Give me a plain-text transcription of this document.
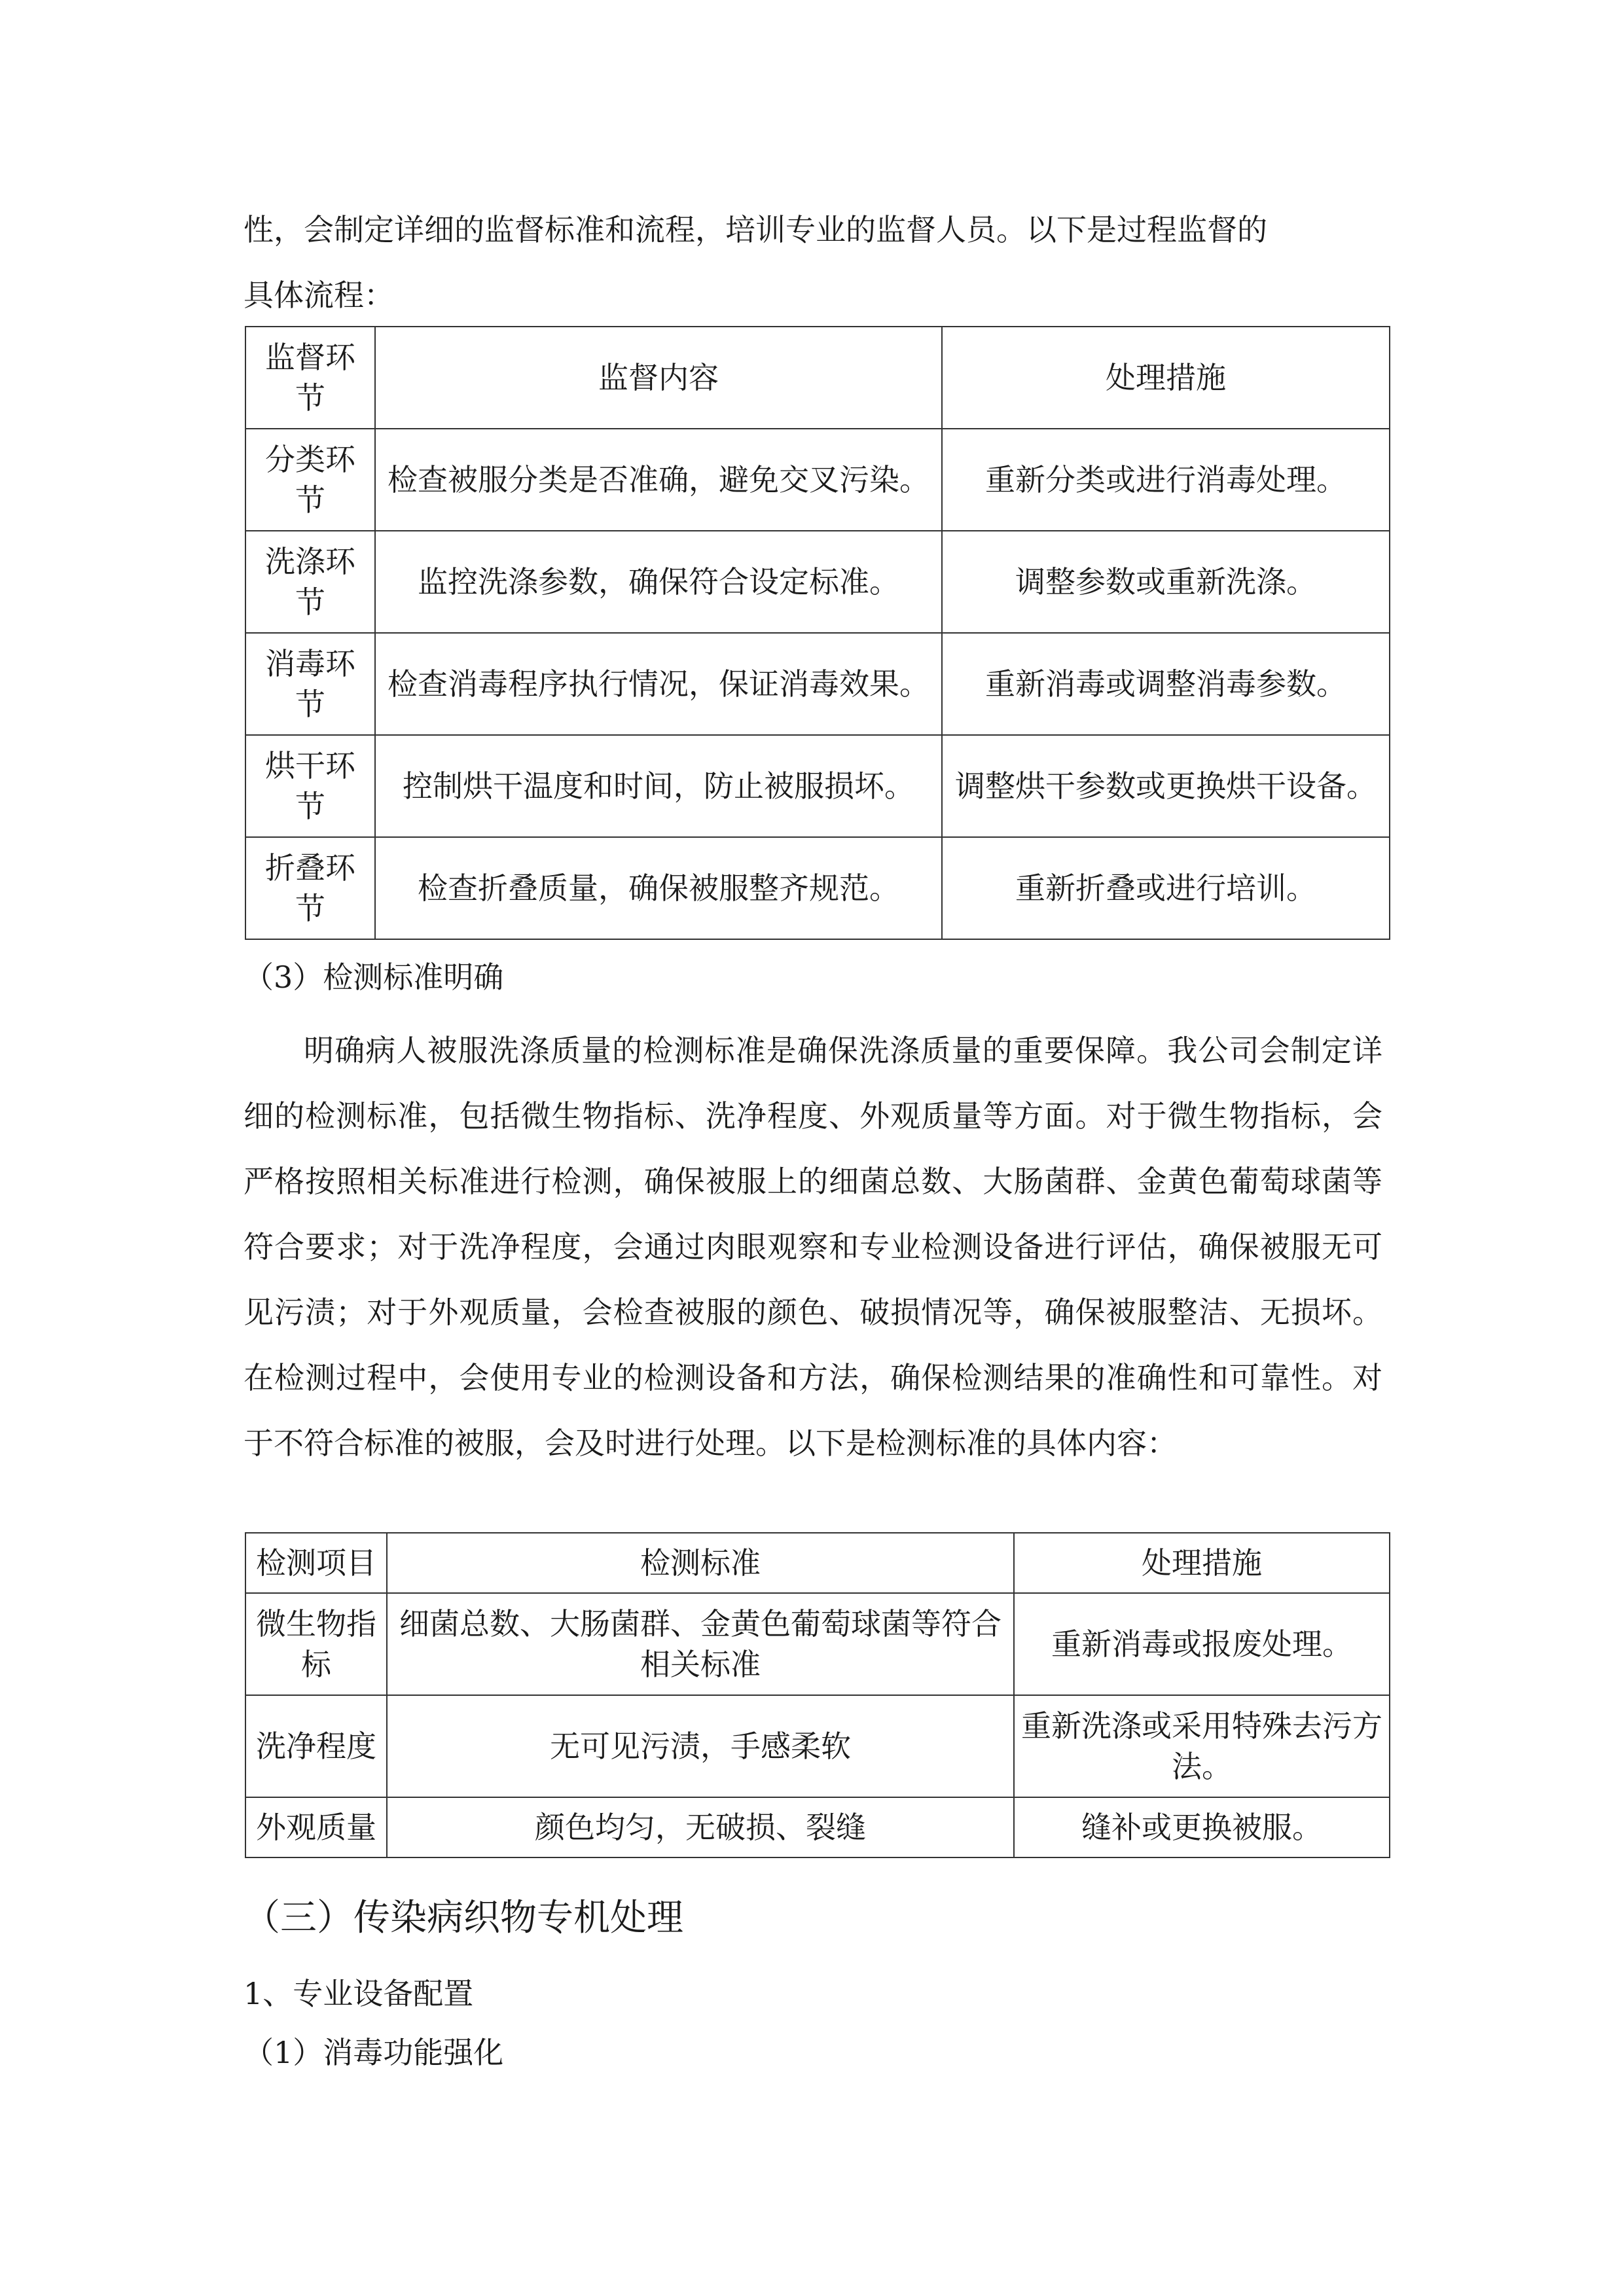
性，会制定详细的监督标准和流程，培训专业的监督人员。以下是过程监督的

具体流程：

监督环节	监督内容	处理措施
分类环节	检查被服分类是否准确，避免交叉污染。	重新分类或进行消毒处理。
洗涤环节	监控洗涤参数，确保符合设定标准。	调整参数或重新洗涤。
消毒环节	检查消毒程序执行情况，保证消毒效果。	重新消毒或调整消毒参数。
烘干环节	控制烘干温度和时间，防止被服损坏。	调整烘干参数或更换烘干设备。
折叠环节	检查折叠质量，确保被服整齐规范。	重新折叠或进行培训。

（3）检测标准明确

明确病人被服洗涤质量的检测标准是确保洗涤质量的重要保障。我公司会制定详细的检测标准，包括微生物指标、洗净程度、外观质量等方面。对于微生物指标，会严格按照相关标准进行检测，确保被服上的细菌总数、大肠菌群、金黄色葡萄球菌等符合要求；对于洗净程度，会通过肉眼观察和专业检测设备进行评估，确保被服无可见污渍；对于外观质量，会检查被服的颜色、破损情况等，确保被服整洁、无损坏。在检测过程中，会使用专业的检测设备和方法，确保检测结果的准确性和可靠性。对于不符合标准的被服，会及时进行处理。以下是检测标准的具体内容：

检测项目	检测标准	处理措施
微生物指标	细菌总数、大肠菌群、金黄色葡萄球菌等符合相关标准	重新消毒或报废处理。
洗净程度	无可见污渍，手感柔软	重新洗涤或采用特殊去污方法。
外观质量	颜色均匀，无破损、裂缝	缝补或更换被服。

（三）传染病织物专机处理

1、专业设备配置

（1）消毒功能强化
